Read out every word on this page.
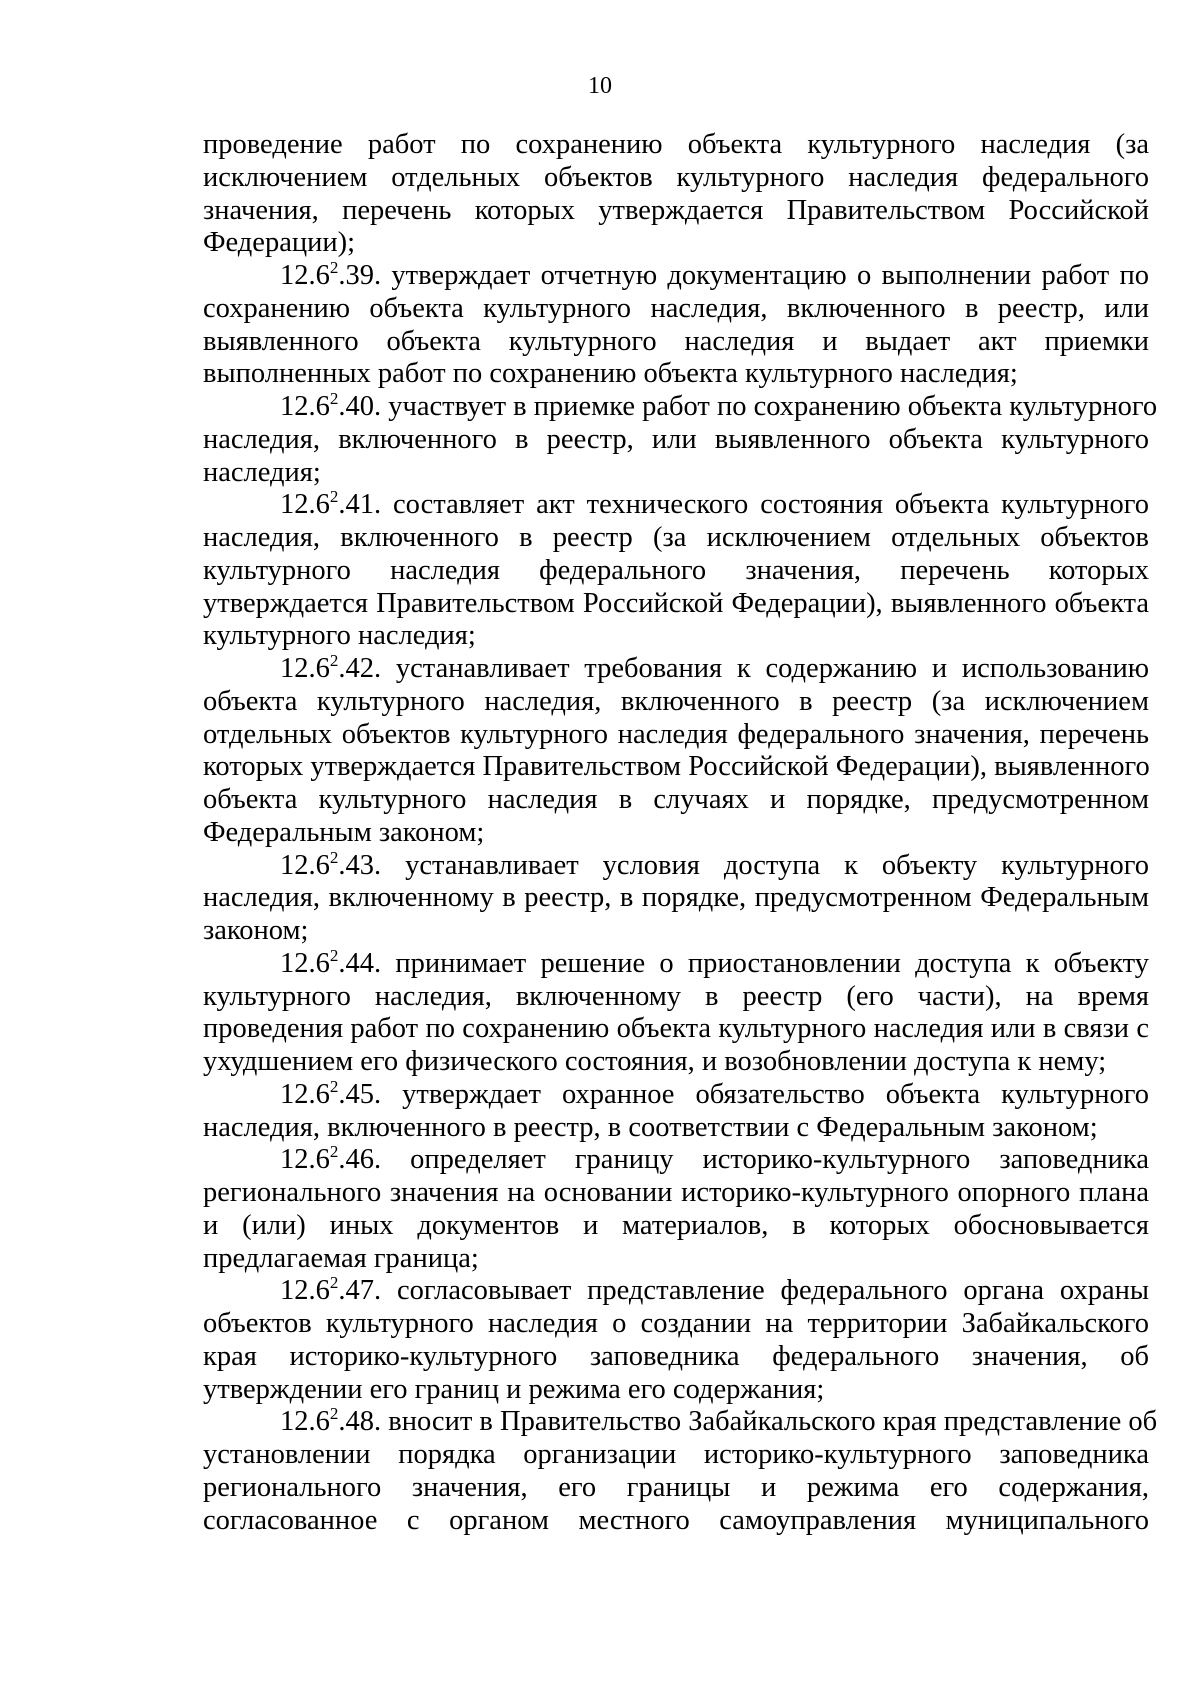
10
проведение работ по сохранению объекта культурного наследия (за
исключением отдельных объектов культурного наследия федерального
значения, перечень которых утверждается Правительством Российской
Федерации);
12.6$^2$.39. утверждает отчетную документацию о выполнении работ по
сохранению объекта культурного наследия, включенного в реестр, или
выявленного объекта культурного наследия и выдает акт приемки
выполненных работ по сохранению объекта культурного наследия;
12.6$^2$.40. участвует в приемке работ по сохранению объекта культурного
наследия, включенного в реестр, или выявленного объекта культурного
наследия;
12.6$^2$.41. составляет акт технического состояния объекта культурного
наследия, включенного в реестр (за исключением отдельных объектов
культурного наследия федерального значения, перечень которых
утверждается Правительством Российской Федерации), выявленного объекта
культурного наследия;
12.6$^2$.42. устанавливает требования к содержанию и использованию
объекта культурного наследия, включенного в реестр (за исключением
отдельных объектов культурного наследия федерального значения, перечень
которых утверждается Правительством Российской Федерации), выявленного
объекта культурного наследия в случаях и порядке, предусмотренном
Федеральным законом;
12.6$^2$.43. устанавливает условия доступа к объекту культурного
наследия, включенному в реестр, в порядке, предусмотренном Федеральным
законом;
12.6$^2$.44. принимает решение о приостановлении доступа к объекту
культурного наследия, включенному в реестр (его части), на время
проведения работ по сохранению объекта культурного наследия или в связи с
ухудшением его физического состояния, и возобновлении доступа к нему;
12.6$^2$.45. утверждает охранное обязательство объекта культурного
наследия, включенного в реестр, в соответствии с Федеральным законом;
12.6$^2$.46. определяет границу историко-культурного заповедника
регионального значения на основании историко-культурного опорного плана
и (или) иных документов и материалов, в которых обосновывается
предлагаемая граница;
12.6$^2$.47. согласовывает представление федерального органа охраны
объектов культурного наследия о создании на территории Забайкальского
края историко-культурного заповедника федерального значения, об
утверждении его границ и режима его содержания;
12.6$^2$.48. вносит в Правительство Забайкальского края представление об
установлении порядка организации историко-культурного заповедника
регионального значения, его границы и режима его содержания,
согласованное с органом местного самоуправления муниципального
